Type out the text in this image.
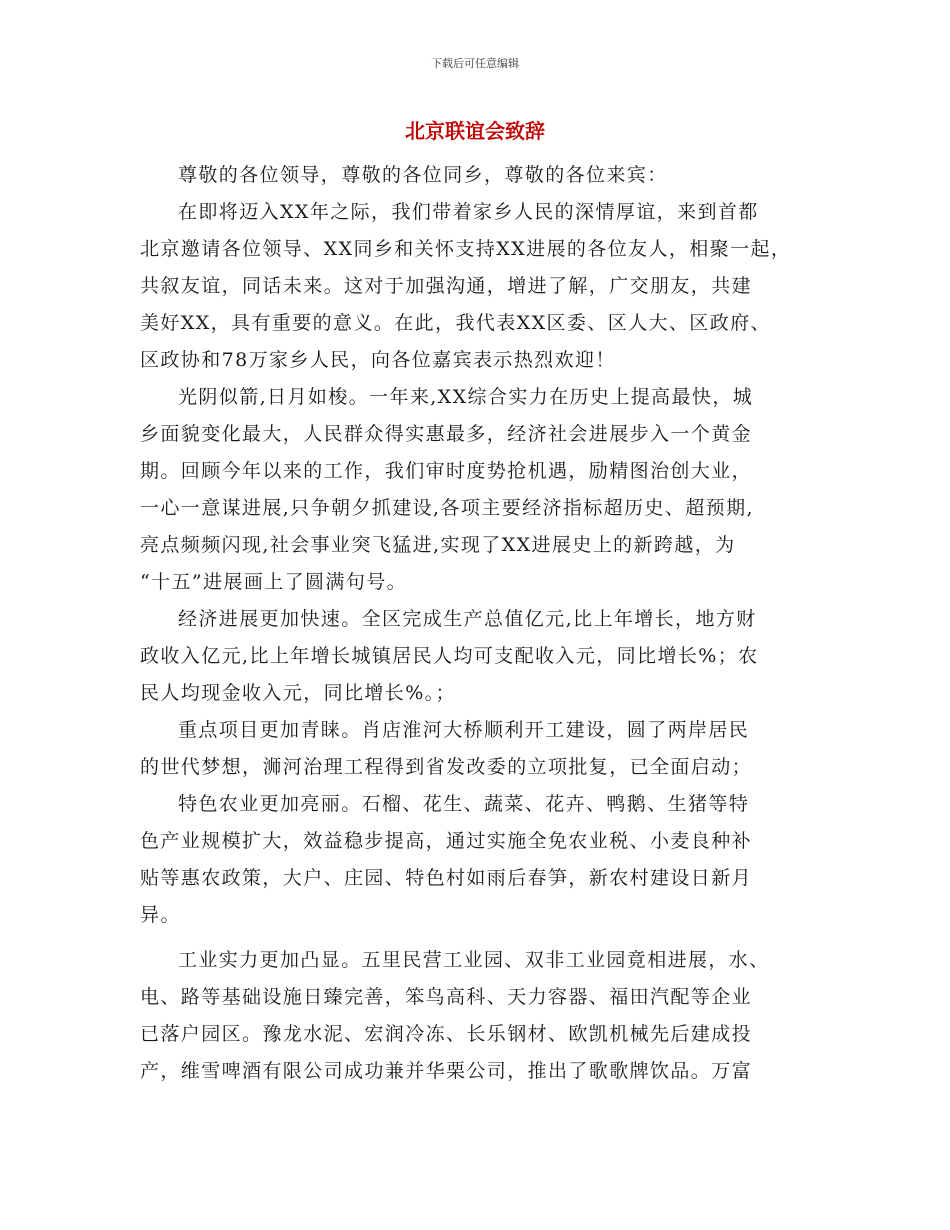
下载后可任意编辑
北京联谊会致辞

尊敬的各位领导，尊敬的各位同乡，尊敬的各位来宾：

在即将迈入XX年之际，我们带着家乡人民的深情厚谊，来到首都
北京邀请各位领导、XX同乡和关怀支持XX进展的各位友人，相聚一起，
共叙友谊，同话未来。这对于加强沟通，增进了解，广交朋友，共建
美好XX，具有重要的意义。在此，我代表XX区委、区人大、区政府、
区政协和78万家乡人民，向各位嘉宾表示热烈欢迎！

光阴似箭,日月如梭。一年来,XX综合实力在历史上提高最快，城
乡面貌变化最大，人民群众得实惠最多，经济社会进展步入一个黄金
期。回顾今年以来的工作，我们审时度势抢机遇，励精图治创大业，
一心一意谋进展,只争朝夕抓建设,各项主要经济指标超历史、超预期,
亮点频频闪现,社会事业突飞猛进,实现了XX进展史上的新跨越，为
“十五”进展画上了圆满句号。

经济进展更加快速。全区完成生产总值亿元,比上年增长，地方财
政收入亿元,比上年增长城镇居民人均可支配收入元，同比增长%；农
民人均现金收入元，同比增长%。；

重点项目更加青睐。肖店淮河大桥顺利开工建设，圆了两岸居民
的世代梦想，浉河治理工程得到省发改委的立项批复，已全面启动；

特色农业更加亮丽。石榴、花生、蔬菜、花卉、鸭鹅、生猪等特
色产业规模扩大，效益稳步提高，通过实施全免农业税、小麦良种补
贴等惠农政策，大户、庄园、特色村如雨后春笋，新农村建设日新月
异。

工业实力更加凸显。五里民营工业园、双非工业园竟相进展，水、
电、路等基础设施日臻完善，笨鸟高科、天力容器、福田汽配等企业
已落户园区。豫龙水泥、宏润冷冻、长乐钢材、欧凯机械先后建成投
产，维雪啤酒有限公司成功兼并华栗公司，推出了歌歌牌饮品。万富
